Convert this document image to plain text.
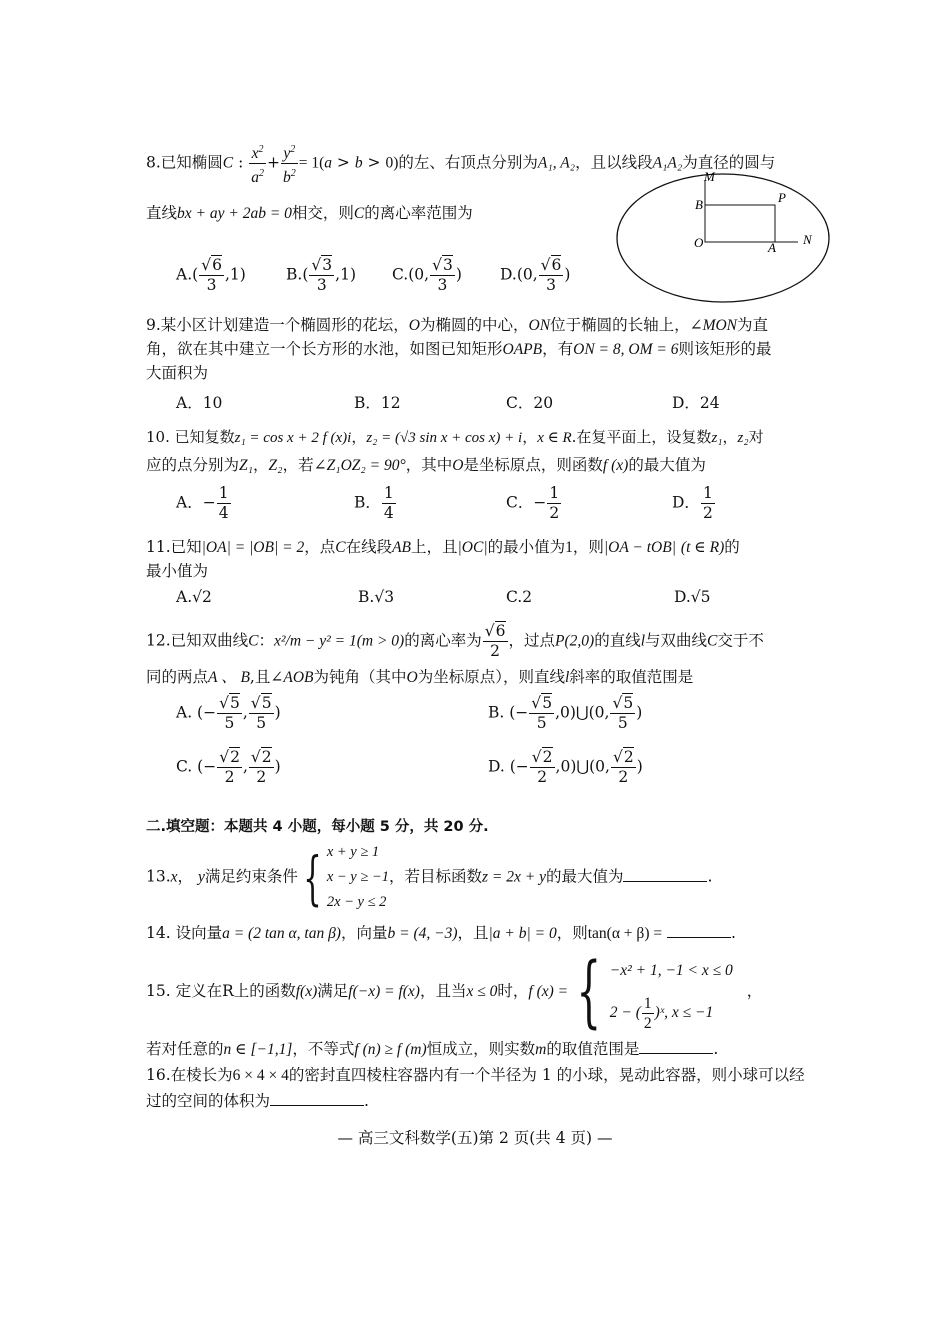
8.已知椭圆C : $\frac{x^2}{a^2} + \frac{y^2}{b^2} = 1(a > b > 0)$的左、右顶点分别为A₁, A₂，且以线段A₁A₂为直径的圆与
直线bx + ay + 2ab = 0相交，则C的离心率范围为
$A.( \frac{√6}{3} ,1)$	$B.( \frac{√3}{3} ,1)$ C.(0, $\frac{√3}{3}$ ) D.(0, $\frac{√6}{3}$ )
M
B	P
O	A
N
9.某小区计划建造一个椭圆形的花坛，O为椭圆的中心，ON位于椭圆的长轴上，∠MON为直
角，欲在其中建立一个长方形的水池，如图已知矩形OAPB，有ON = 8, OM = 6则该矩形的最
大面积为
A．10	B．12	C．20	D．24
10. 已知复数z₁ = cos x + 2 f (x)i，z₂ = (√3 sin x + cos x) + i，x ∈ R.在复平面上，设复数z₁，z₂对
应的点分别为Z₁，Z₂，若∠Z₁OZ₂ = 90°，其中O是坐标原点，则函数f (x)的最大值为
A．− $\frac{1}{4}$	B． $\frac{1}{4}$	C．− $\frac{1}{2}$	D． $\frac{1}{2}$
11.已知|OA| = |OB| = 2，点C在线段AB上，且|OC|的最小值为1，则|OA − tOB| (t ∈ R)的
最小值为
A.√2	B.√3	C.2	D.√5
12.已知双曲线C：x²/m − y² = 1(m > 0)的离心率为 $\frac{√6}{2}$ ，过点P(2,0)的直线l与双曲线C交于不
同的两点A 、 B,且∠AOB为钝角（其中O为坐标原点），则直线l斜率的取值范围是
A. (− $\frac{√5}{5}$ , $\frac{√5}{5}$ )	B. (− $\frac{√5}{5}$ ,0)⋃(0, $\frac{√5}{5}$ )
C. (− $\frac{√2}{2}$ , $\frac{√2}{2}$ )	D. (− $\frac{√2}{2}$ ,0)⋃(0, $\frac{√2}{2}$ )
二.填空题：本题共 4 小题，每小题 5 分，共 20 分.
13.x， y满足约束条件{ x + y ≥ 1
x − y ≥ −1
2x − y ≤ 2
，若目标函数z = 2x + y的最大值为	.
14. 设向量a = (2 tan α, tan β)，向量b = (4, −3)，且|a + b| = 0，则tan(α + β) =	.
15. 定义在R上的函数f(x)满足f(−x) = f(x)，且当x ≤ 0时，f (x) = { −x² + 1, −1 < x ≤ 0
2 − ( $\frac{1}{2}$ )ˣ, x ≤ −1
，
若对任意的n ∈ [−1,1]，不等式f (n) ≥ f (m)恒成立，则实数m的取值范围是	.
16.在棱长为6 × 4 × 4的密封直四棱柱容器内有一个半径为 1 的小球，晃动此容器，则小球可以经
过的空间的体积为	.
— 高三文科数学(五)第 2 页(共 4 页) —
